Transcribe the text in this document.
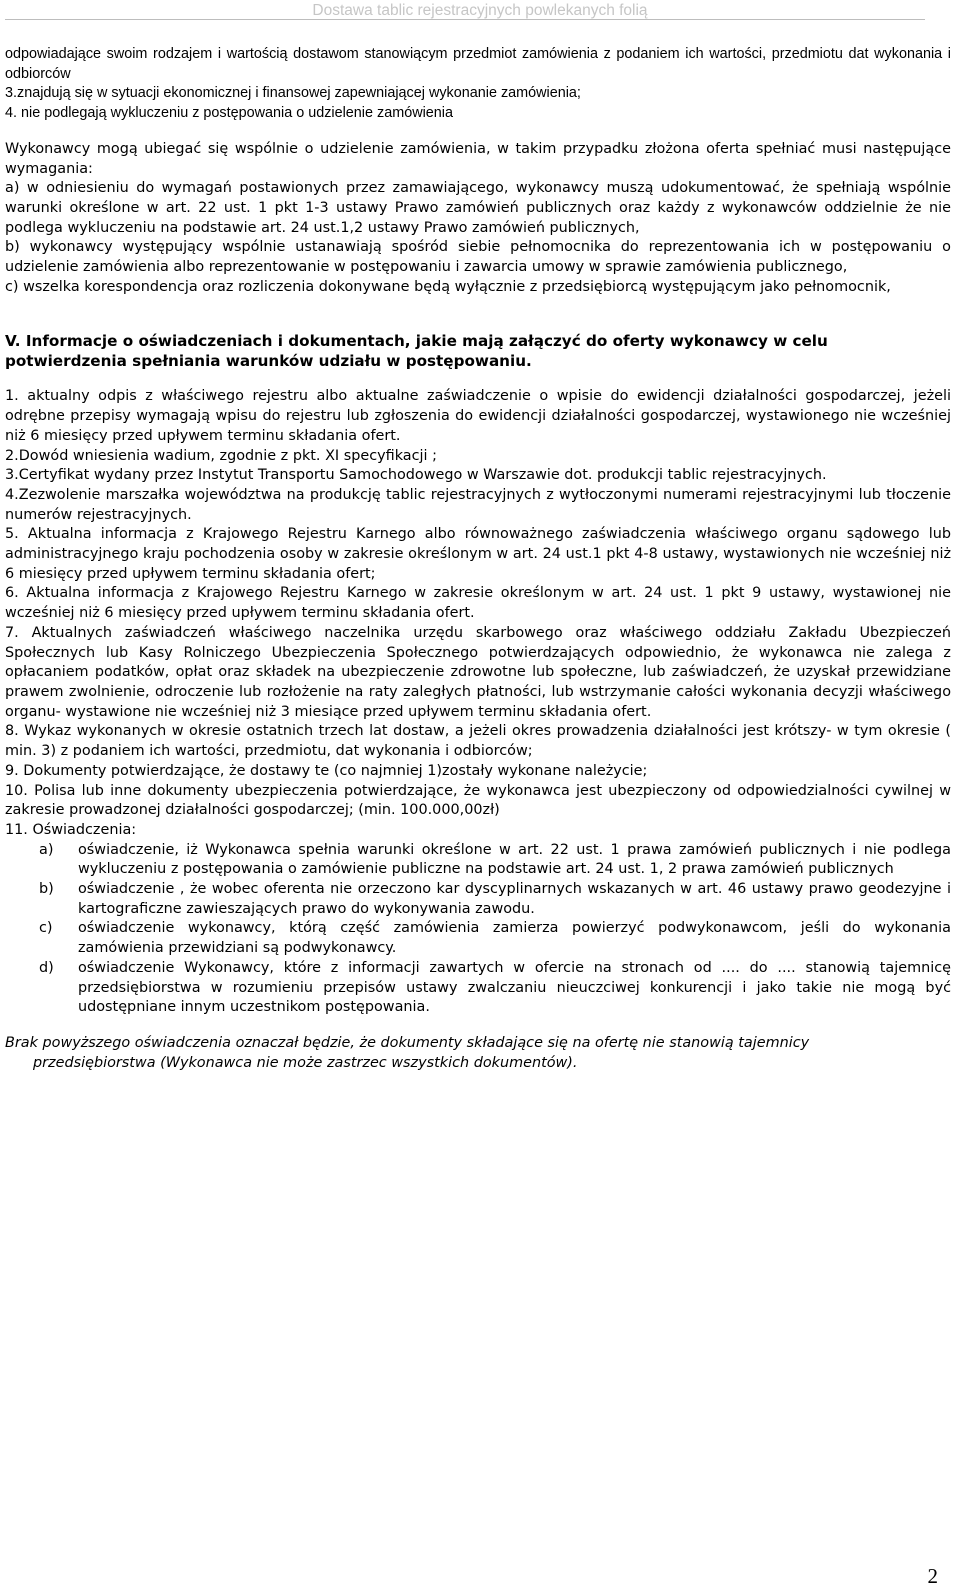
Dostawa tablic rejestracyjnych powlekanych folią

odpowiadające swoim rodzajem i wartością dostawom stanowiącym przedmiot zamówienia z podaniem ich wartości, przedmiotu dat wykonania i odbiorców

3.znajdują się w sytuacji ekonomicznej i finansowej zapewniającej wykonanie zamówienia;

4. nie podlegają wykluczeniu z postępowania o udzielenie zamówienia

Wykonawcy mogą ubiegać się wspólnie o udzielenie zamówienia, w takim przypadku złożona oferta spełniać musi następujące wymagania:

a) w odniesieniu do wymagań postawionych przez zamawiającego, wykonawcy muszą udokumentować, że spełniają wspólnie warunki określone w art. 22 ust. 1 pkt 1-3 ustawy Prawo zamówień publicznych oraz każdy z wykonawców oddzielnie że nie podlega wykluczeniu na podstawie art. 24 ust.1,2 ustawy Prawo zamówień publicznych,

b) wykonawcy występujący wspólnie ustanawiają spośród siebie pełnomocnika do reprezentowania ich w postępowaniu o udzielenie zamówienia albo reprezentowanie w postępowaniu i zawarcia umowy w sprawie zamówienia publicznego,

c) wszelka korespondencja oraz rozliczenia dokonywane będą wyłącznie z przedsiębiorcą występującym jako pełnomocnik,

V. Informacje o oświadczeniach i dokumentach, jakie mają załączyć do oferty wykonawcy w celu potwierdzenia spełniania warunków udziału w postępowaniu.

1. aktualny odpis z właściwego rejestru albo aktualne zaświadczenie o wpisie do ewidencji działalności gospodarczej, jeżeli odrębne przepisy wymagają wpisu do rejestru lub zgłoszenia do ewidencji działalności gospodarczej, wystawionego nie wcześniej niż 6 miesięcy przed upływem terminu składania ofert.

2.Dowód wniesienia wadium, zgodnie z pkt. XI specyfikacji ;

3.Certyfikat wydany przez Instytut Transportu Samochodowego w Warszawie dot. produkcji tablic rejestracyjnych.

4.Zezwolenie marszałka województwa na produkcję tablic rejestracyjnych z wytłoczonymi numerami rejestracyjnymi lub tłoczenie numerów rejestracyjnych.

5. Aktualna informacja z Krajowego Rejestru Karnego albo równoważnego zaświadczenia właściwego organu sądowego lub administracyjnego kraju pochodzenia osoby w zakresie określonym w art. 24 ust.1 pkt 4-8 ustawy, wystawionych nie wcześniej niż 6 miesięcy przed upływem terminu składania ofert;

6. Aktualna informacja z Krajowego Rejestru Karnego w zakresie określonym w art. 24 ust. 1 pkt 9 ustawy, wystawionej nie wcześniej niż 6 miesięcy przed upływem terminu składania ofert.

7. Aktualnych zaświadczeń właściwego naczelnika urzędu skarbowego oraz właściwego oddziału Zakładu Ubezpieczeń Społecznych lub Kasy Rolniczego Ubezpieczenia Społecznego potwierdzających odpowiednio, że wykonawca nie zalega z opłacaniem podatków, opłat oraz składek na ubezpieczenie zdrowotne lub społeczne, lub zaświadczeń, że uzyskał przewidziane prawem zwolnienie, odroczenie lub rozłożenie na raty zaległych płatności, lub wstrzymanie całości wykonania decyzji właściwego organu- wystawione nie wcześniej niż 3 miesiące przed upływem terminu składania ofert.

8. Wykaz wykonanych w okresie ostatnich trzech lat dostaw, a jeżeli okres prowadzenia działalności jest krótszy- w tym okresie ( min. 3) z podaniem ich wartości, przedmiotu, dat wykonania i odbiorców;

9. Dokumenty potwierdzające, że dostawy te (co najmniej 1)zostały wykonane należycie;

10. Polisa lub inne dokumenty ubezpieczenia potwierdzające, że wykonawca jest ubezpieczony od odpowiedzialności cywilnej w zakresie prowadzonej działalności gospodarczej; (min. 100.000,00zł)

11. Oświadczenia:

a) oświadczenie, iż Wykonawca spełnia warunki określone w art. 22 ust. 1 prawa zamówień publicznych i nie podlega wykluczeniu z postępowania o zamówienie publiczne na podstawie art. 24 ust. 1, 2 prawa zamówień publicznych

b) oświadczenie , że wobec oferenta nie orzeczono kar dyscyplinarnych wskazanych w art. 46 ustawy prawo geodezyjne i kartograficzne zawieszających prawo do wykonywania zawodu.

c) oświadczenie wykonawcy, którą część zamówienia zamierza powierzyć podwykonawcom, jeśli do wykonania zamówienia przewidziani są podwykonawcy.

d) oświadczenie Wykonawcy, które z informacji zawartych w ofercie na stronach od .... do .... stanowią tajemnicę przedsiębiorstwa w rozumieniu przepisów ustawy zwalczaniu nieuczciwej konkurencji i jako takie nie mogą być udostępniane innym uczestnikom postępowania.

Brak powyższego oświadczenia oznaczał będzie, że dokumenty składające się na ofertę nie stanowią tajemnicy

przedsiębiorstwa (Wykonawca nie może zastrzec wszystkich dokumentów).

2
